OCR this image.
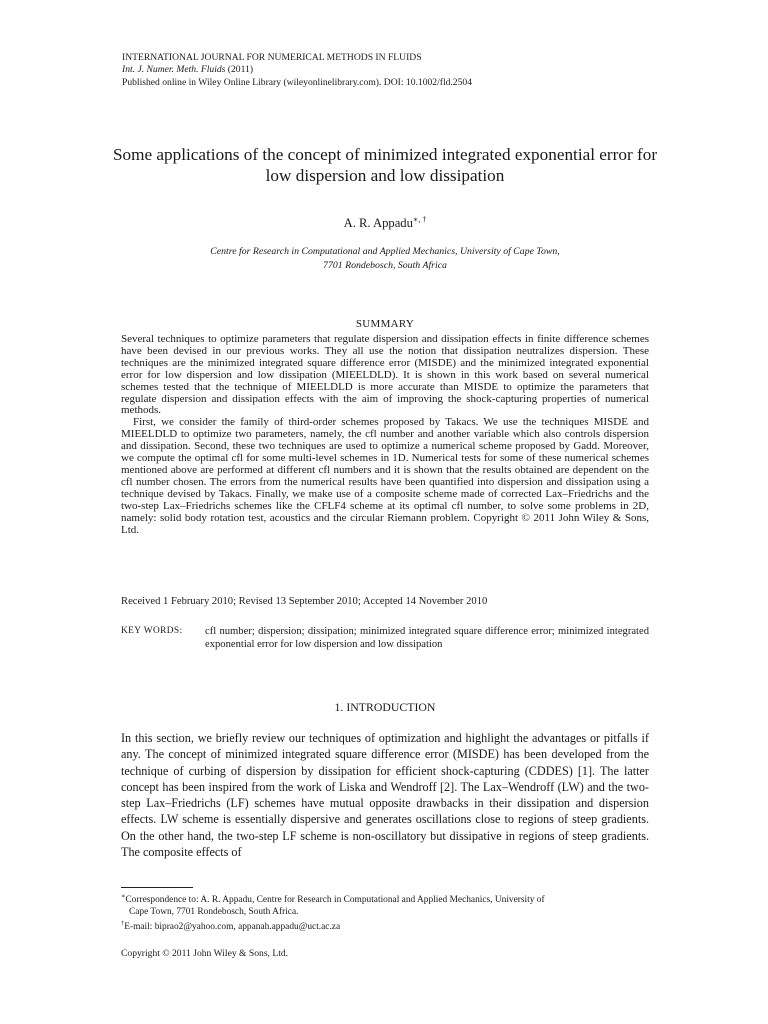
INTERNATIONAL JOURNAL FOR NUMERICAL METHODS IN FLUIDS
Int. J. Numer. Meth. Fluids (2011)
Published online in Wiley Online Library (wileyonlinelibrary.com). DOI: 10.1002/fld.2504
Some applications of the concept of minimized integrated exponential error for low dispersion and low dissipation
A. R. Appadu∗, †
Centre for Research in Computational and Applied Mechanics, University of Cape Town,
7701 Rondebosch, South Africa
SUMMARY

Several techniques to optimize parameters that regulate dispersion and dissipation effects in finite difference schemes have been devised in our previous works. They all use the notion that dissipation neutralizes dispersion. These techniques are the minimized integrated square difference error (MISDE) and the minimized integrated exponential error for low dispersion and low dissipation (MIEELDLD). It is shown in this work based on several numerical schemes tested that the technique of MIEELDLD is more accurate than MISDE to optimize the parameters that regulate dispersion and dissipation effects with the aim of improving the shock-capturing properties of numerical methods.

First, we consider the family of third-order schemes proposed by Takacs. We use the techniques MISDE and MIEELDLD to optimize two parameters, namely, the cfl number and another variable which also controls dispersion and dissipation. Second, these two techniques are used to optimize a numerical scheme proposed by Gadd. Moreover, we compute the optimal cfl for some multi-level schemes in 1D. Numerical tests for some of these numerical schemes mentioned above are performed at different cfl numbers and it is shown that the results obtained are dependent on the cfl number chosen. The errors from the numerical results have been quantified into dispersion and dissipation using a technique devised by Takacs. Finally, we make use of a composite scheme made of corrected Lax–Friedrichs and the two-step Lax–Friedrichs schemes like the CFLF4 scheme at its optimal cfl number, to solve some problems in 2D, namely: solid body rotation test, acoustics and the circular Riemann problem. Copyright © 2011 John Wiley & Sons, Ltd.

Received 1 February 2010; Revised 13 September 2010; Accepted 14 November 2010
KEY WORDS:	cfl number; dispersion; dissipation; minimized integrated square difference error; minimized integrated exponential error for low dispersion and low dissipation
1. INTRODUCTION

In this section, we briefly review our techniques of optimization and highlight the advantages or pitfalls if any. The concept of minimized integrated square difference error (MISDE) has been developed from the technique of curbing of dispersion by dissipation for efficient shock-capturing (CDDES) [1]. The latter concept has been inspired from the work of Liska and Wendroff [2]. The Lax–Wendroff (LW) and the two-step Lax–Friedrichs (LF) schemes have mutual opposite drawbacks in their dissipation and dispersion effects. LW scheme is essentially dispersive and generates oscillations close to regions of steep gradients. On the other hand, the two-step LF scheme is non-oscillatory but dissipative in regions of steep gradients. The composite effects of

∗Correspondence to: A. R. Appadu, Centre for Research in Computational and Applied Mechanics, University of

Cape Town, 7701 Rondebosch, South Africa.

†E-mail: biprao2@yahoo.com, appanah.appadu@uct.ac.za

Copyright © 2011 John Wiley & Sons, Ltd.
